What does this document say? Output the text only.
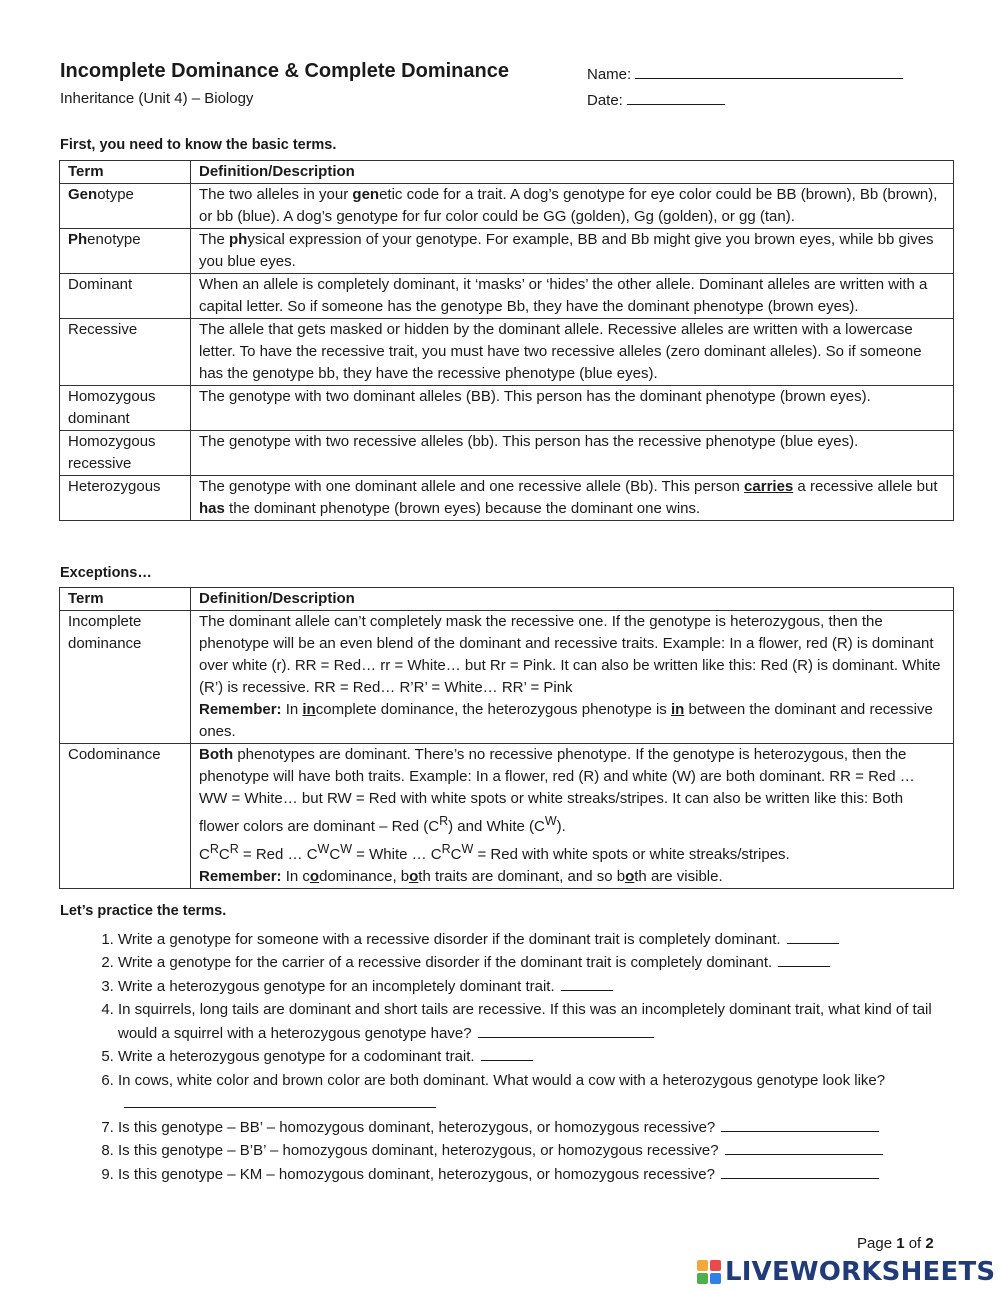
Incomplete Dominance & Complete Dominance
Inheritance (Unit 4) – Biology
Name:
Date:
First, you need to know the basic terms.
Term	Definition/Description
Genotype	The two alleles in your genetic code for a trait. A dog’s genotype for eye color could be BB (brown), Bb (brown), or bb (blue). A dog’s genotype for fur color could be GG (golden), Gg (golden), or gg (tan).
Phenotype	The physical expression of your genotype. For example, BB and Bb might give you brown eyes, while bb gives you blue eyes.
Dominant	When an allele is completely dominant, it ‘masks’ or ‘hides’ the other allele. Dominant alleles are written with a capital letter. So if someone has the genotype Bb, they have the dominant phenotype (brown eyes).
Recessive	The allele that gets masked or hidden by the dominant allele. Recessive alleles are written with a lowercase letter. To have the recessive trait, you must have two recessive alleles (zero dominant alleles). So if someone has the genotype bb, they have the recessive phenotype (blue eyes).
Homozygous dominant	The genotype with two dominant alleles (BB). This person has the dominant phenotype (brown eyes).
Homozygous recessive	The genotype with two recessive alleles (bb). This person has the recessive phenotype (blue eyes).
Heterozygous	The genotype with one dominant allele and one recessive allele (Bb). This person carries a recessive allele but has the dominant phenotype (brown eyes) because the dominant one wins.
Exceptions…
Term	Definition/Description
Incomplete dominance	The dominant allele can’t completely mask the recessive one. If the genotype is heterozygous, then the phenotype will be an even blend of the dominant and recessive traits. Example: In a flower, red (R) is dominant over white (r). RR = Red… rr = White… but Rr = Pink. It can also be written like this: Red (R) is dominant. White (R’) is recessive. RR = Red… R’R’ = White… RR’ = Pink
Remember: In incomplete dominance, the heterozygous phenotype is in between the dominant and recessive ones.
Codominance	Both phenotypes are dominant. There’s no recessive phenotype. If the genotype is heterozygous, then the phenotype will have both traits. Example: In a flower, red (R) and white (W) are both dominant. RR = Red … WW = White… but RW = Red with white spots or white streaks/stripes. It can also be written like this: Both flower colors are dominant – Red $(C^R)$ and White $(C^W)$.
$C^RC^R$ = Red … $C^WC^W$ = White … $C^RC^W$ = Red with white spots or white streaks/stripes.
Remember: In codominance, both traits are dominant, and so both are visible.
Let’s practice the terms.
1. Write a genotype for someone with a recessive disorder if the dominant trait is completely dominant.
2. Write a genotype for the carrier of a recessive disorder if the dominant trait is completely dominant.
3. Write a heterozygous genotype for an incompletely dominant trait.
4. In squirrels, long tails are dominant and short tails are recessive. If this was an incompletely dominant trait, what kind of tail would a squirrel with a heterozygous genotype have?
5. Write a heterozygous genotype for a codominant trait.
6. In cows, white color and brown color are both dominant. What would a cow with a heterozygous genotype look like?
7. Is this genotype – BB’ – homozygous dominant, heterozygous, or homozygous recessive?
8. Is this genotype – B’B’ – homozygous dominant, heterozygous, or homozygous recessive?
9. Is this genotype – KM – homozygous dominant, heterozygous, or homozygous recessive?
Page 1 of 2
LIVEWORKSHEETS
